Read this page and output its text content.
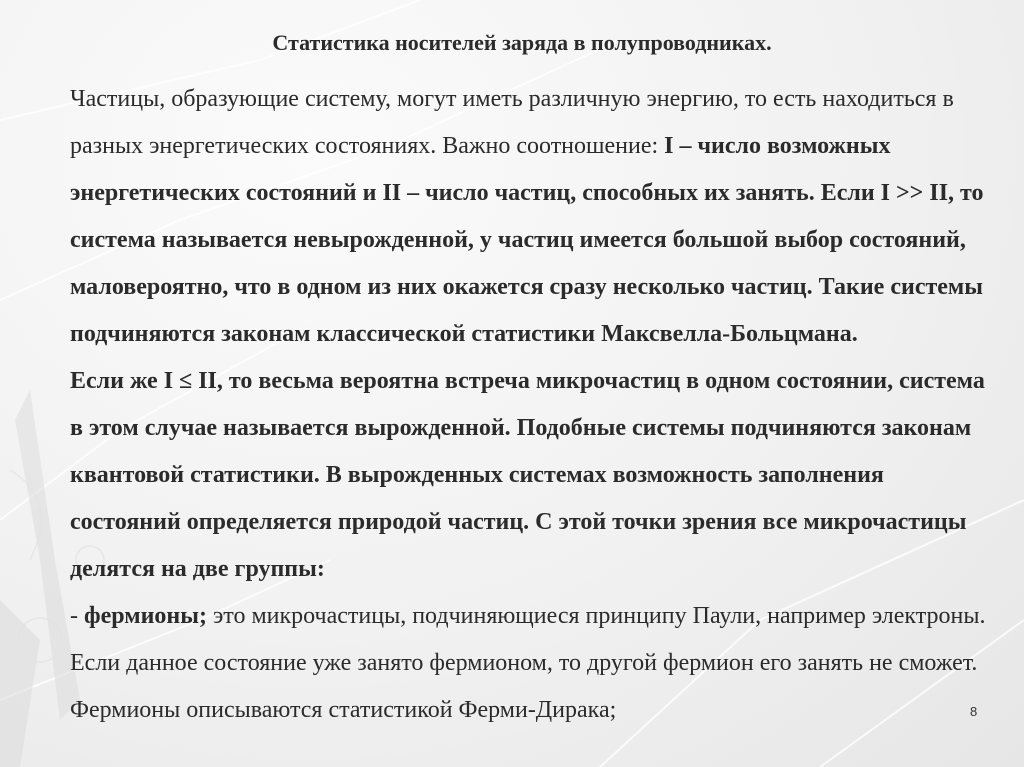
Статистика носителей заряда в полупроводниках.

Частицы, образующие систему, могут иметь различную энергию, то есть находиться в разных энергетических состояниях. Важно соотношение: I – число возможных энергетических состояний и II – число частиц, способных их занять. Если I >> II, то система называется невырожденной, у частиц имеется большой выбор состояний, маловероятно, что в одном из них окажется сразу несколько частиц. Такие системы подчиняются законам классической статистики Максвелла-Больцмана.

Если же I ≤ II, то весьма вероятна встреча микрочастиц в одном состоянии, система в этом случае называется вырожденной. Подобные системы подчиняются законам квантовой статистики. В вырожденных системах возможность заполнения состояний определяется природой частиц. С этой точки зрения все микрочастицы делятся на две группы:

- фермионы; это микрочастицы, подчиняющиеся принципу Паули, например электроны. Если данное состояние уже занято фермионом, то другой фермион его занять не сможет. Фермионы описываются статистикой Ферми-Дирака;	8
